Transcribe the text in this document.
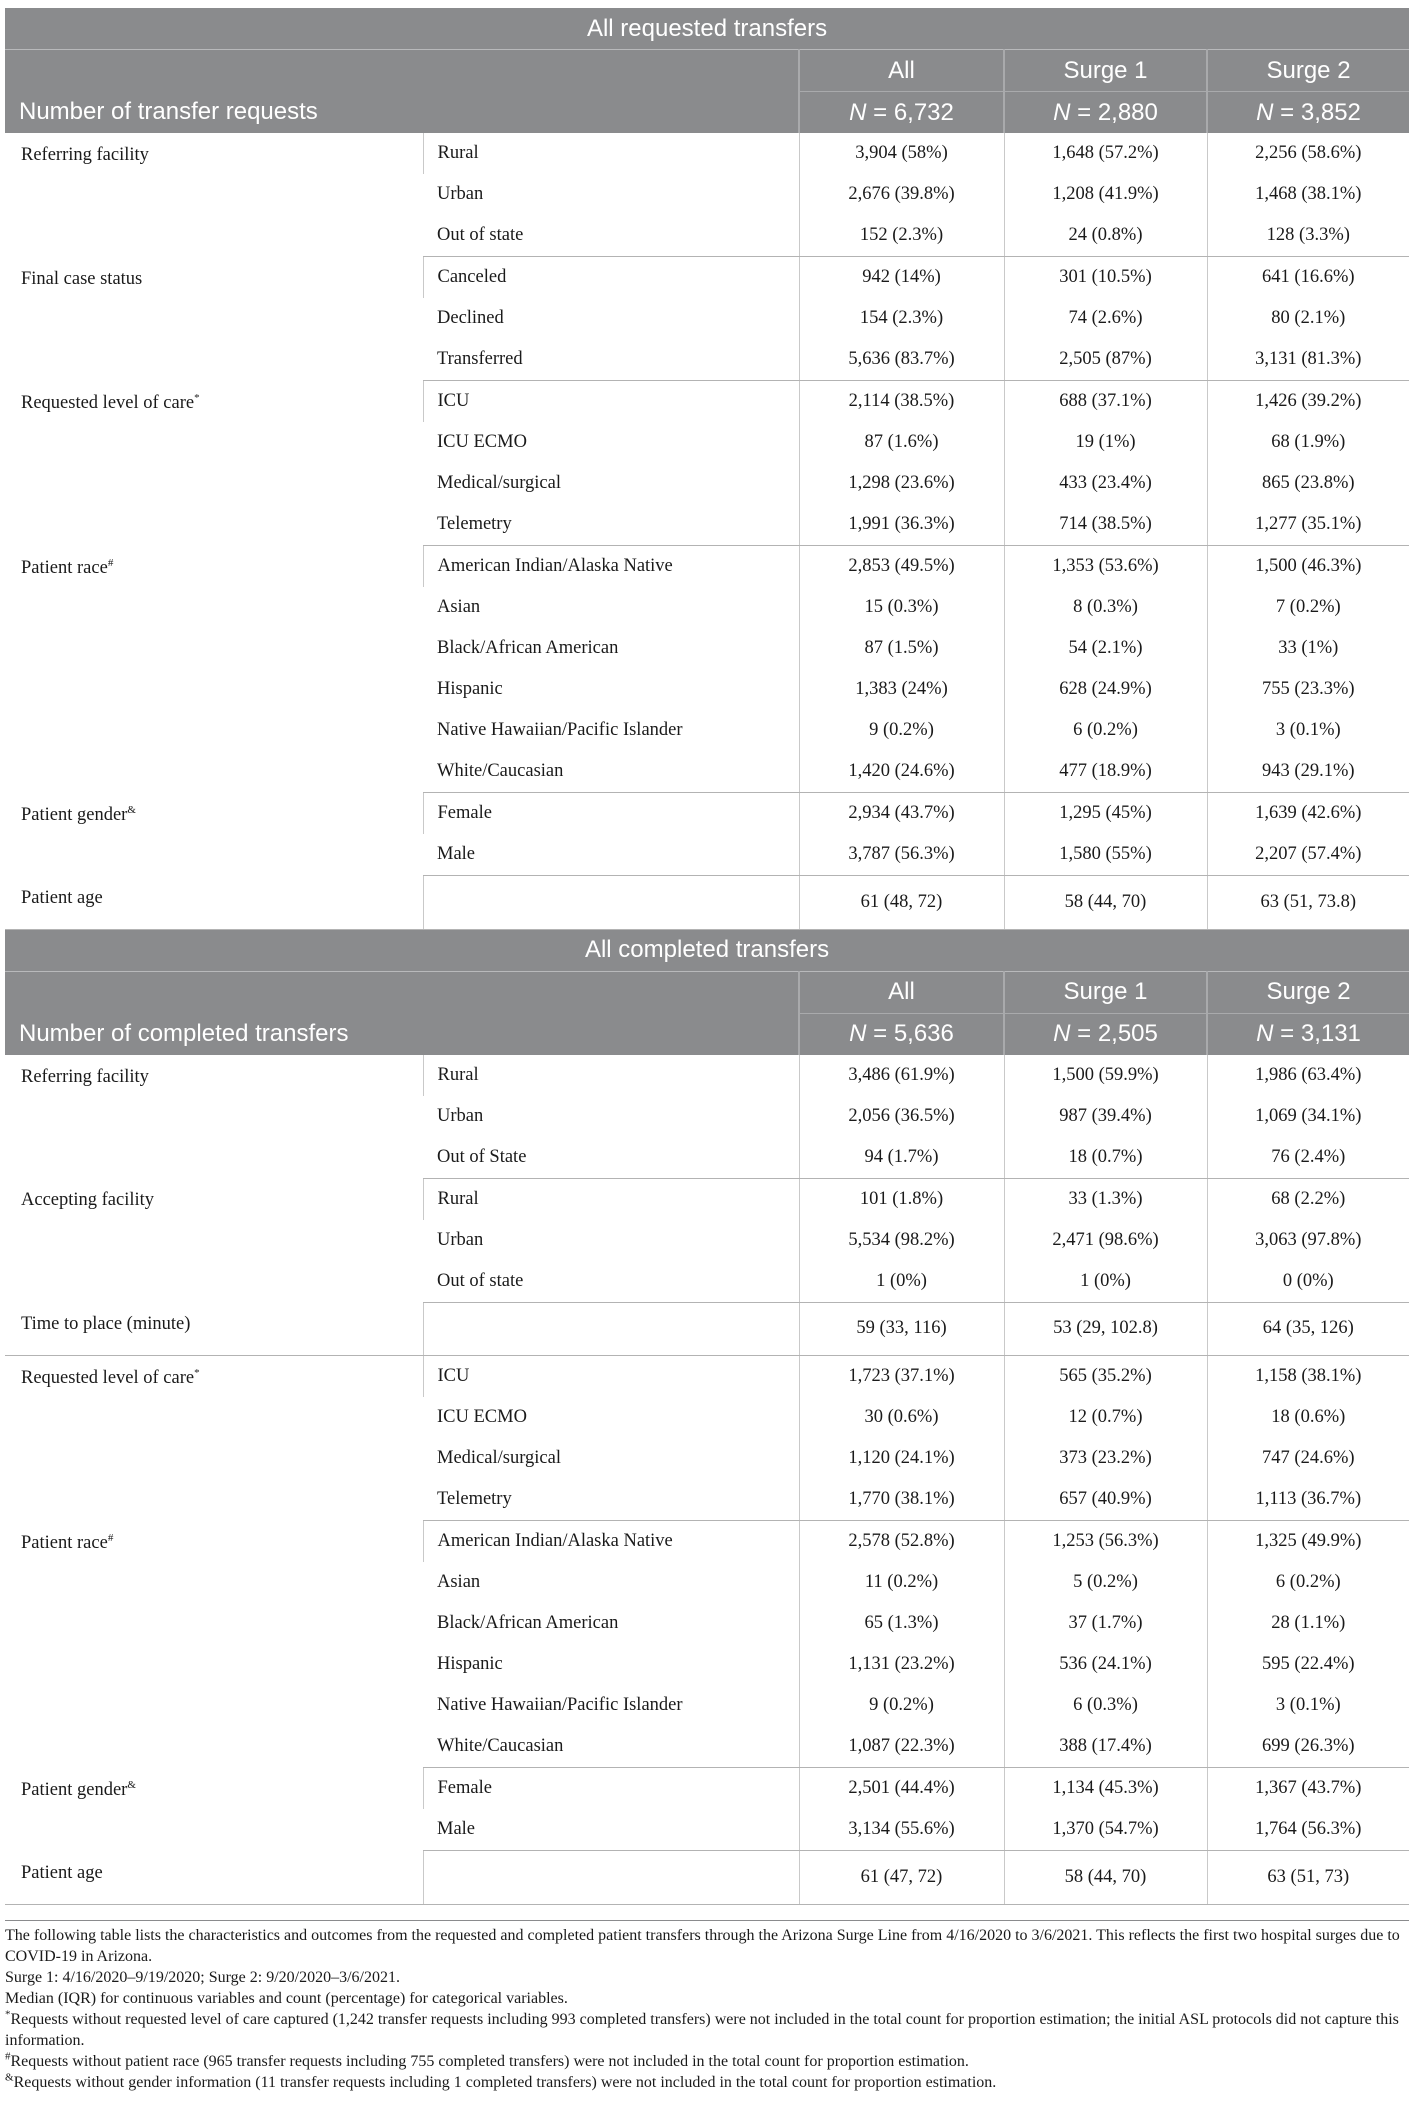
All requested transfers				
		All	Surge 1	Surge 2
Number of transfer requests		N = 6,732	N = 2,880	N = 3,852
Referring facility	Rural	3,904 (58%)	1,648 (57.2%)	2,256 (58.6%)
	Urban	2,676 (39.8%)	1,208 (41.9%)	1,468 (38.1%)
	Out of state	152 (2.3%)	24 (0.8%)	128 (3.3%)
Final case status	Canceled	942 (14%)	301 (10.5%)	641 (16.6%)
	Declined	154 (2.3%)	74 (2.6%)	80 (2.1%)
	Transferred	5,636 (83.7%)	2,505 (87%)	3,131 (81.3%)
Requested level of care*	ICU	2,114 (38.5%)	688 (37.1%)	1,426 (39.2%)
	ICU ECMO	87 (1.6%)	19 (1%)	68 (1.9%)
	Medical/surgical	1,298 (23.6%)	433 (23.4%)	865 (23.8%)
	Telemetry	1,991 (36.3%)	714 (38.5%)	1,277 (35.1%)
Patient race#	American Indian/Alaska Native	2,853 (49.5%)	1,353 (53.6%)	1,500 (46.3%)
	Asian	15 (0.3%)	8 (0.3%)	7 (0.2%)
	Black/African American	87 (1.5%)	54 (2.1%)	33 (1%)
	Hispanic	1,383 (24%)	628 (24.9%)	755 (23.3%)
	Native Hawaiian/Pacific Islander	9 (0.2%)	6 (0.2%)	3 (0.1%)
	White/Caucasian	1,420 (24.6%)	477 (18.9%)	943 (29.1%)
Patient gender&	Female	2,934 (43.7%)	1,295 (45%)	1,639 (42.6%)
	Male	3,787 (56.3%)	1,580 (55%)	2,207 (57.4%)
Patient age		61 (48, 72)	58 (44, 70)	63 (51, 73.8)
All completed transfers				
		All	Surge 1	Surge 2
Number of completed transfers		N = 5,636	N = 2,505	N = 3,131
Referring facility	Rural	3,486 (61.9%)	1,500 (59.9%)	1,986 (63.4%)
	Urban	2,056 (36.5%)	987 (39.4%)	1,069 (34.1%)
	Out of State	94 (1.7%)	18 (0.7%)	76 (2.4%)
Accepting facility	Rural	101 (1.8%)	33 (1.3%)	68 (2.2%)
	Urban	5,534 (98.2%)	2,471 (98.6%)	3,063 (97.8%)
	Out of state	1 (0%)	1 (0%)	0 (0%)
Time to place (minute)		59 (33, 116)	53 (29, 102.8)	64 (35, 126)
Requested level of care*	ICU	1,723 (37.1%)	565 (35.2%)	1,158 (38.1%)
	ICU ECMO	30 (0.6%)	12 (0.7%)	18 (0.6%)
	Medical/surgical	1,120 (24.1%)	373 (23.2%)	747 (24.6%)
	Telemetry	1,770 (38.1%)	657 (40.9%)	1,113 (36.7%)
Patient race#	American Indian/Alaska Native	2,578 (52.8%)	1,253 (56.3%)	1,325 (49.9%)
	Asian	11 (0.2%)	5 (0.2%)	6 (0.2%)
	Black/African American	65 (1.3%)	37 (1.7%)	28 (1.1%)
	Hispanic	1,131 (23.2%)	536 (24.1%)	595 (22.4%)
	Native Hawaiian/Pacific Islander	9 (0.2%)	6 (0.3%)	3 (0.1%)
	White/Caucasian	1,087 (22.3%)	388 (17.4%)	699 (26.3%)
Patient gender&	Female	2,501 (44.4%)	1,134 (45.3%)	1,367 (43.7%)
	Male	3,134 (55.6%)	1,370 (54.7%)	1,764 (56.3%)
Patient age		61 (47, 72)	58 (44, 70)	63 (51, 73)

The following table lists the characteristics and outcomes from the requested and completed patient transfers through the Arizona Surge Line from 4/16/2020 to 3/6/2021. This reflects the first two hospital surges due to COVID-19 in Arizona.

Surge 1: 4/16/2020–9/19/2020; Surge 2: 9/20/2020–3/6/2021.

Median (IQR) for continuous variables and count (percentage) for categorical variables.

*Requests without requested level of care captured (1,242 transfer requests including 993 completed transfers) were not included in the total count for proportion estimation; the initial ASL protocols did not capture this information.

#Requests without patient race (965 transfer requests including 755 completed transfers) were not included in the total count for proportion estimation.

&Requests without gender information (11 transfer requests including 1 completed transfers) were not included in the total count for proportion estimation.
